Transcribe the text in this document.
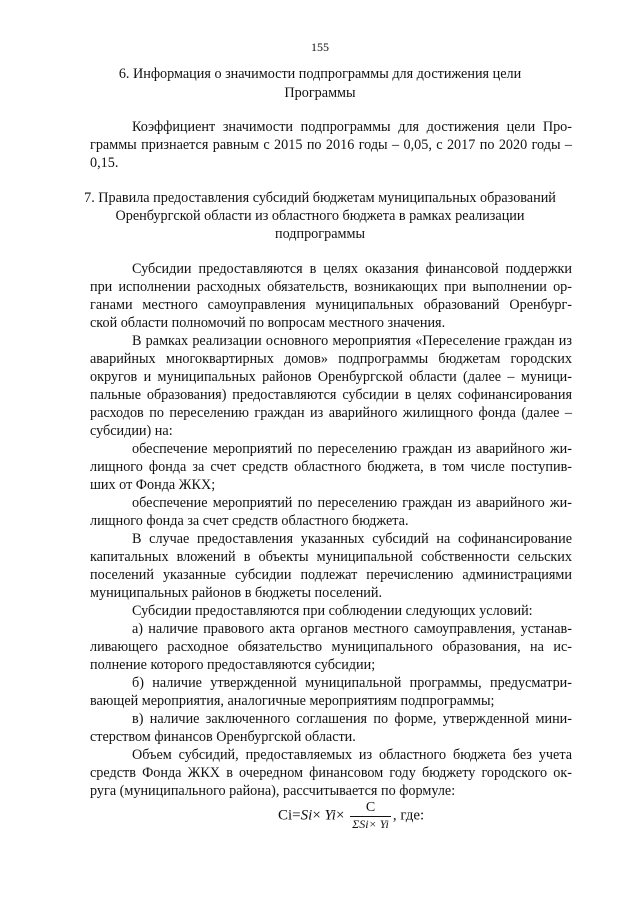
155
6. Информация о значимости подпрограммы для достижения цели
Программы
Коэффициент значимости подпрограммы для достижения цели Про-
граммы признается равным с 2015 по 2016 годы – 0,05, с 2017 по 2020 годы –
0,15.
7. Правила предоставления субсидий бюджетам муниципальных образований
Оренбургской области из областного бюджета в рамках реализации
подпрограммы
Субсидии предоставляются в целях оказания финансовой поддержки
при исполнении расходных обязательств, возникающих при выполнении ор-
ганами местного самоуправления муниципальных образований Оренбург-
ской области полномочий по вопросам местного значения.
В рамках реализации основного мероприятия «Переселение граждан из
аварийных многоквартирных домов» подпрограммы бюджетам городских
округов и муниципальных районов Оренбургской области (далее – муници-
пальные образования) предоставляются субсидии в целях софинансирования
расходов по переселению граждан из аварийного жилищного фонда (далее –
субсидии) на:
обеспечение мероприятий по переселению граждан из аварийного жи-
лищного фонда за счет средств областного бюджета, в том числе поступив-
ших от Фонда ЖКХ;
обеспечение мероприятий по переселению граждан из аварийного жи-
лищного фонда за счет средств областного бюджета.
В случае предоставления указанных субсидий на софинансирование
капитальных вложений в объекты муниципальной собственности сельских
поселений указанные субсидии подлежат перечислению администрациями
муниципальных районов в бюджеты поселений.
Субсидии предоставляются при соблюдении следующих условий:
а) наличие правового акта органов местного самоуправления, устанав-
ливающего расходное обязательство муниципального образования, на ис-
полнение которого предоставляются субсидии;
б) наличие утвержденной муниципальной программы, предусматри-
вающей мероприятия, аналогичные мероприятиям подпрограммы;
в) наличие заключенного соглашения по форме, утвержденной мини-
стерством финансов Оренбургской области.
Объем субсидий, предоставляемых из областного бюджета без учета
средств Фонда ЖКХ в очередном финансовом году бюджету городского ок-
руга (муниципального района), рассчитывается по формуле:
$Ci=Si\times Yi\times \frac{C}{\text{ΣSi× Yi}}$ , где:
